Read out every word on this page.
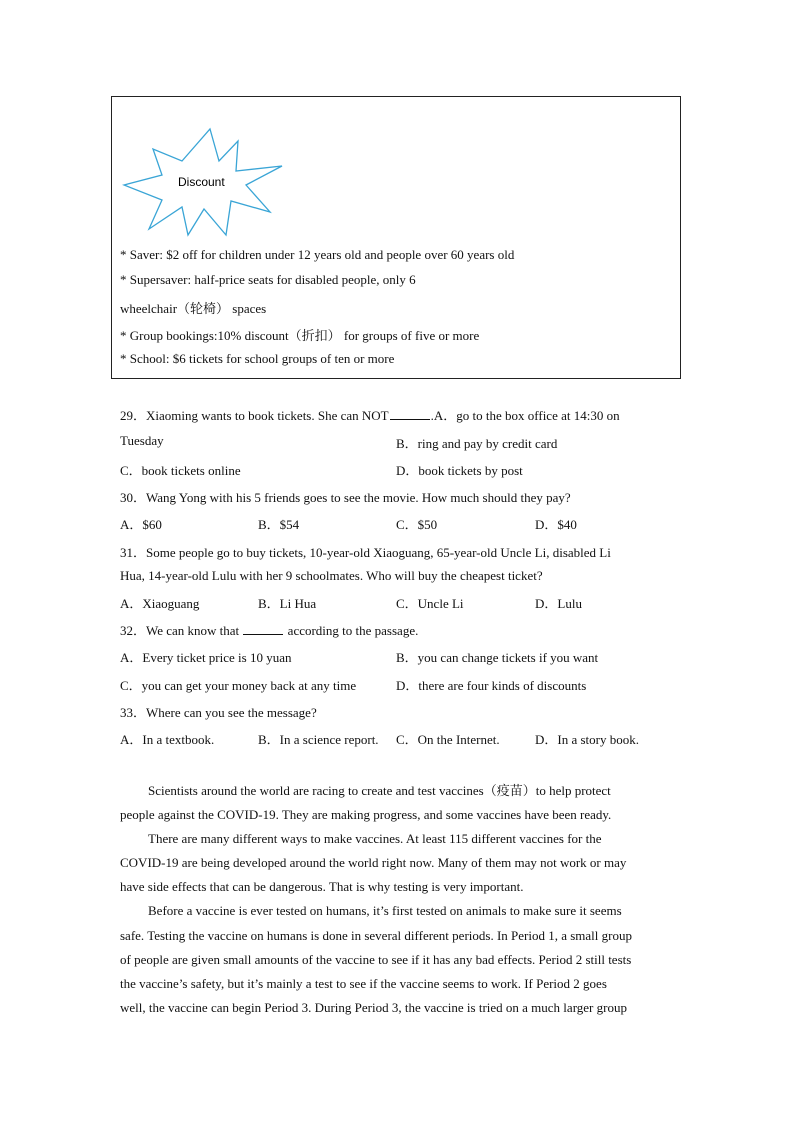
Discount
* Saver: $2 off for children under 12 years old and people over 60 years old
* Supersaver: half-price seats for disabled people, only 6
wheelchair（轮椅） spaces
* Group bookings:10% discount（折扣） for groups of five or more
* School: $6 tickets for school groups of ten or more
29．Xiaoming wants to book tickets. She can NOT	.A．go to the box office at 14:30 on
Tuesday	B．ring and pay by credit card
C．book tickets online	D．book tickets by post
30．Wang Yong with his 5 friends goes to see the movie. How much should they pay?
A．$60	B．$54	C．$50	D．$40
31．Some people go to buy tickets, 10-year-old Xiaoguang, 65-year-old Uncle Li, disabled Li
Hua, 14-year-old Lulu with her 9 schoolmates. Who will buy the cheapest ticket?
A．Xiaoguang	B．Li Hua	C．Uncle Li	D．Lulu
32．We can know that	according to the passage.
A．Every ticket price is 10 yuan	B．you can change tickets if you want
C．you can get your money back at any time	D．there are four kinds of discounts
33．Where can you see the message?
A．In a textbook.	B．In a science report. C．On the Internet.	D．In a story book.
Scientists around the world are racing to create and test vaccines（疫苗）to help protect
people against the COVID-19. They are making progress, and some vaccines have been ready.
There are many different ways to make vaccines. At least 115 different vaccines for the
COVID-19 are being developed around the world right now. Many of them may not work or may
have side effects that can be dangerous. That is why testing is very important.
Before a vaccine is ever tested on humans, it’s first tested on animals to make sure it seems
safe. Testing the vaccine on humans is done in several different periods. In Period 1, a small group
of people are given small amounts of the vaccine to see if it has any bad effects. Period 2 still tests
the vaccine’s safety, but it’s mainly a test to see if the vaccine seems to work. If Period 2 goes
well, the vaccine can begin Period 3. During Period 3, the vaccine is tried on a much larger group
